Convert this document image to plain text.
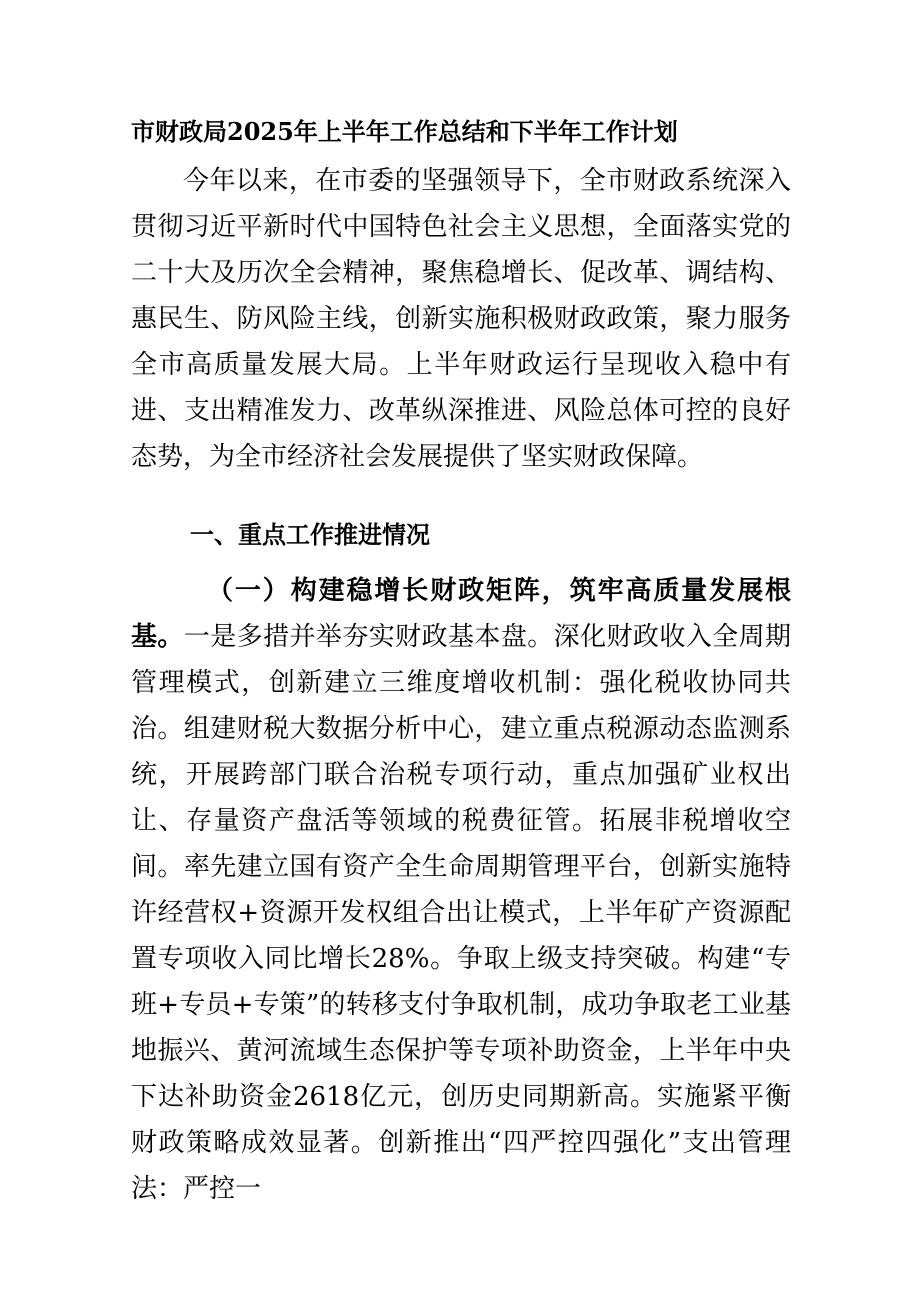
市财政局2025年上半年工作总结和下半年工作计划

今年以来，在市委的坚强领导下，全市财政系统深入贯彻习近平新时代中国特色社会主义思想，全面落实党的二十大及历次全会精神，聚焦稳增长、促改革、调结构、惠民生、防风险主线，创新实施积极财政政策，聚力服务全市高质量发展大局。上半年财政运行呈现收入稳中有进、支出精准发力、改革纵深推进、风险总体可控的良好态势，为全市经济社会发展提供了坚实财政保障。

一、重点工作推进情况

（一）构建稳增长财政矩阵，筑牢高质量发展根基。一是多措并举夯实财政基本盘。深化财政收入全周期管理模式，创新建立三维度增收机制：强化税收协同共治。组建财税大数据分析中心，建立重点税源动态监测系统，开展跨部门联合治税专项行动，重点加强矿业权出让、存量资产盘活等领域的税费征管。拓展非税增收空间。率先建立国有资产全生命周期管理平台，创新实施特许经营权+资源开发权组合出让模式，上半年矿产资源配置专项收入同比增长28%。争取上级支持突破。构建“专班+专员+专策”的转移支付争取机制，成功争取老工业基地振兴、黄河流域生态保护等专项补助资金，上半年中央下达补助资金2618亿元，创历史同期新高。实施紧平衡财政策略成效显著。创新推出“四严控四强化”支出管理法：严控一
